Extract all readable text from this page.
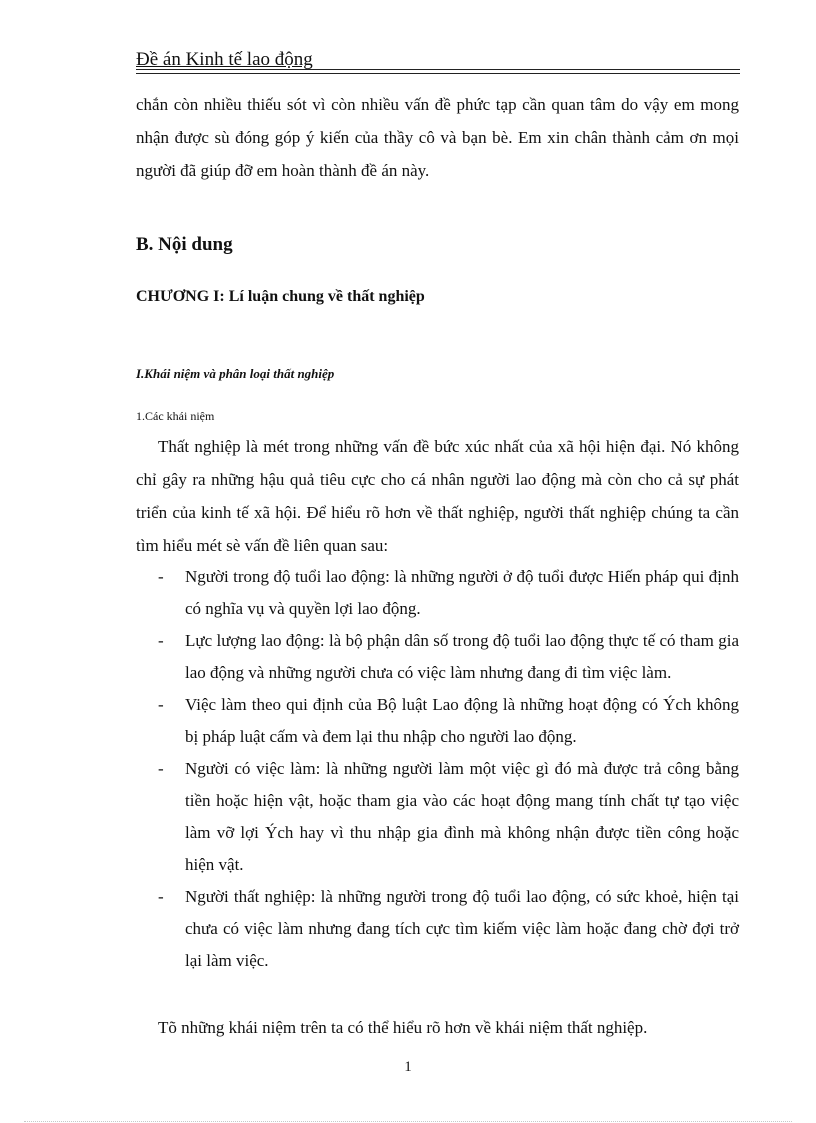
Đề án Kinh tế lao động

chắn còn nhiều thiếu sót vì còn nhiều vấn đề phức tạp cần quan tâm do vậy em mong nhận được sù đóng góp ý kiến của thầy cô và bạn bè. Em xin chân thành cảm ơn mọi người đã giúp đỡ em hoàn thành đề án này.

B. Nội dung
CHƯƠNG I: Lí luận chung về thất nghiệp
I.Khái niệm và phân loại thất nghiệp
1.Các khái niệm

Thất nghiệp là mét trong những vấn đề bức xúc nhất của xã hội hiện đại. Nó không chỉ gây ra những hậu quả tiêu cực cho cá nhân người lao động mà còn cho cả sự phát triển của kinh tế xã hội. Để hiểu rõ hơn về thất nghiệp, người thất nghiệp chúng ta cần tìm hiểu mét sè vấn đề liên quan sau:

- Người trong độ tuổi lao động: là những người ở độ tuổi được Hiến pháp qui định có nghĩa vụ và quyền lợi lao động.
- Lực lượng lao động: là bộ phận dân số trong độ tuổi lao động thực tế có tham gia lao động và những người chưa có việc làm nhưng đang đi tìm việc làm.
- Việc làm theo qui định của Bộ luật Lao động là những hoạt động có Ých không bị pháp luật cấm và đem lại thu nhập cho người lao động.
- Người có việc làm: là những người làm một việc gì đó mà được trả công bằng tiền hoặc hiện vật, hoặc tham gia vào các hoạt động mang tính chất tự tạo việc làm vỡ lợi Ých hay vì thu nhập gia đình mà không nhận được tiền công hoặc hiện vật.
- Người thất nghiệp: là những người trong độ tuổi lao động, có sức khoẻ, hiện tại chưa có việc làm nhưng đang tích cực tìm kiếm việc làm hoặc đang chờ đợi trở lại làm việc.
Tõ những khái niệm trên ta có thể hiểu rõ hơn về khái niệm thất nghiệp.
1
